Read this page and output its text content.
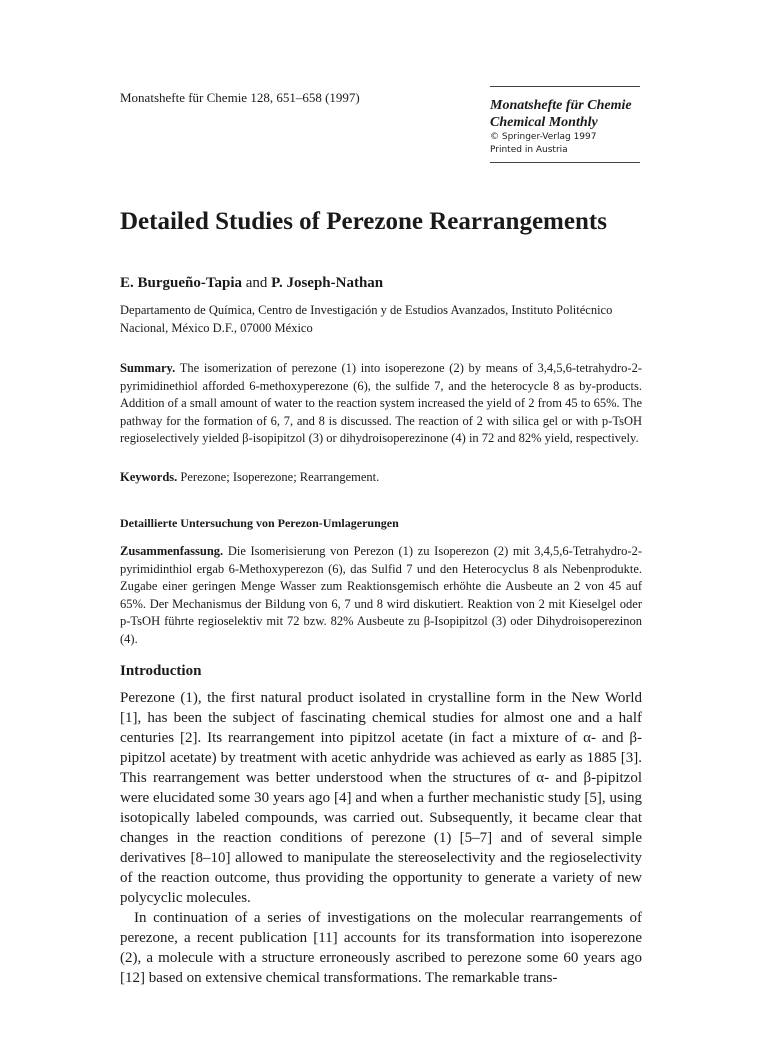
Monatshefte für Chemie 128, 651–658 (1997)
Monatshefte für Chemie
Chemical Monthly
© Springer-Verlag 1997
Printed in Austria
Detailed Studies of Perezone Rearrangements
E. Burgueño-Tapia and P. Joseph-Nathan
Departamento de Química, Centro de Investigación y de Estudios Avanzados, Instituto Politécnico Nacional, México D.F., 07000 México
Summary. The isomerization of perezone (1) into isoperezone (2) by means of 3,4,5,6-tetrahydro-2-pyrimidinethiol afforded 6-methoxyperezone (6), the sulfide 7, and the heterocycle 8 as by-products. Addition of a small amount of water to the reaction system increased the yield of 2 from 45 to 65%. The pathway for the formation of 6, 7, and 8 is discussed. The reaction of 2 with silica gel or with p-TsOH regioselectively yielded β-isopipitzol (3) or dihydroisoperezinone (4) in 72 and 82% yield, respectively.
Keywords. Perezone; Isoperezone; Rearrangement.
Detaillierte Untersuchung von Perezon-Umlagerungen
Zusammenfassung. Die Isomerisierung von Perezon (1) zu Isoperezon (2) mit 3,4,5,6-Tetrahydro-2-pyrimidinthiol ergab 6-Methoxyperezon (6), das Sulfid 7 und den Heterocyclus 8 als Nebenprodukte. Zugabe einer geringen Menge Wasser zum Reaktionsgemisch erhöhte die Ausbeute an 2 von 45 auf 65%. Der Mechanismus der Bildung von 6, 7 und 8 wird diskutiert. Reaktion von 2 mit Kieselgel oder p-TsOH führte regioselektiv mit 72 bzw. 82% Ausbeute zu β-Isopipitzol (3) oder Dihydroisoperezinon (4).
Introduction

Perezone (1), the first natural product isolated in crystalline form in the New World [1], has been the subject of fascinating chemical studies for almost one and a half centuries [2]. Its rearrangement into pipitzol acetate (in fact a mixture of α- and β-pipitzol acetate) by treatment with acetic anhydride was achieved as early as 1885 [3]. This rearrangement was better understood when the structures of α- and β-pipitzol were elucidated some 30 years ago [4] and when a further mechanistic study [5], using isotopically labeled compounds, was carried out. Subsequently, it became clear that changes in the reaction conditions of perezone (1) [5–7] and of several simple derivatives [8–10] allowed to manipulate the stereoselectivity and the regioselectivity of the reaction outcome, thus providing the opportunity to generate a variety of new polycyclic molecules.

In continuation of a series of investigations on the molecular rearrangements of perezone, a recent publication [11] accounts for its transformation into isoperezone (2), a molecule with a structure erroneously ascribed to perezone some 60 years ago [12] based on extensive chemical transformations. The remarkable trans-
